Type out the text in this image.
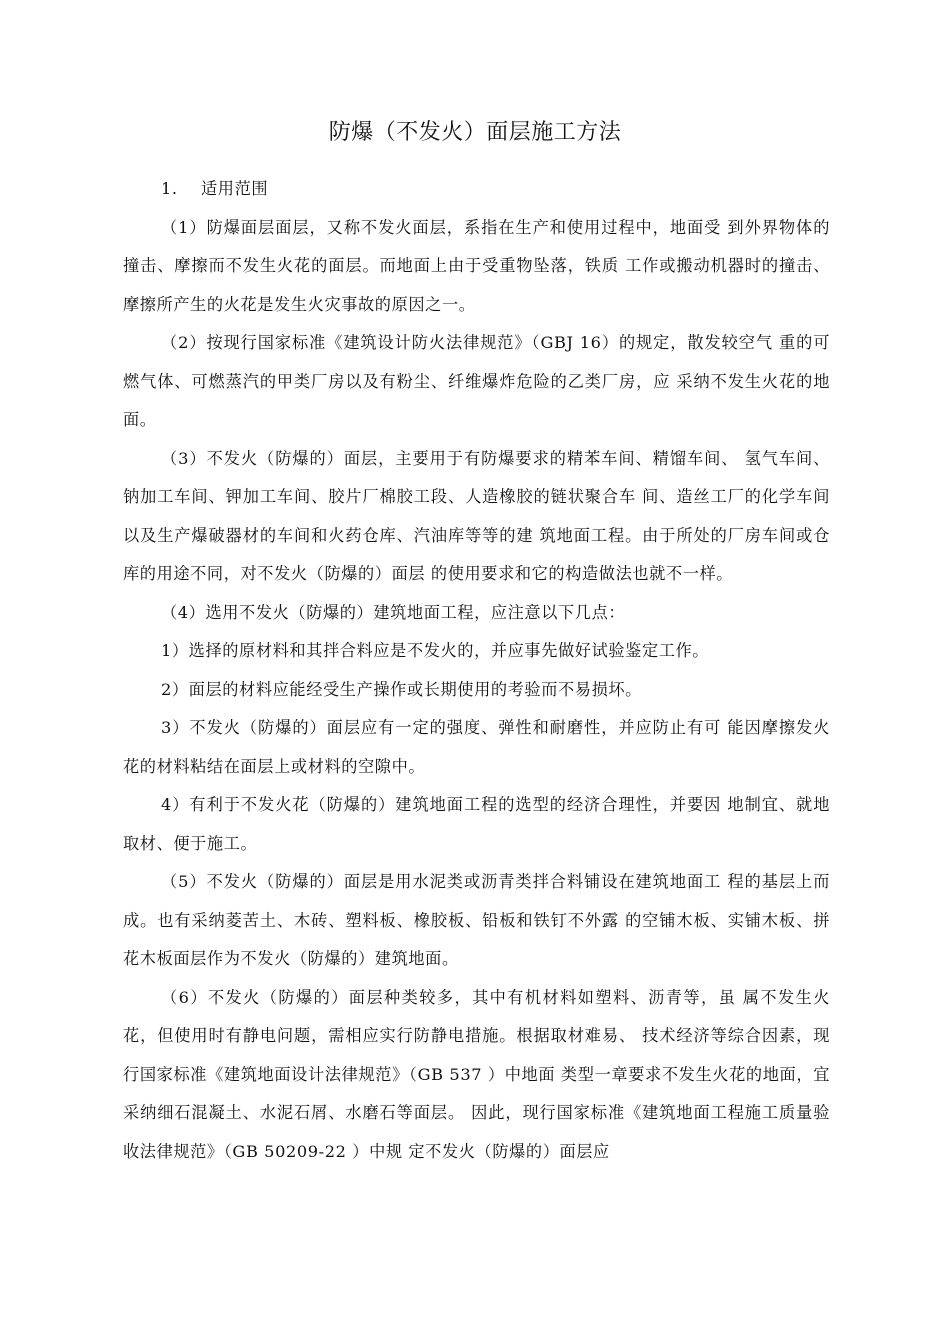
防爆（不发火）面层施工方法

1. 适用范围

（1）防爆面层面层，又称不发火面层，系指在生产和使用过程中，地面受 到外界物体的撞击、摩擦而不发生火花的面层。而地面上由于受重物坠落，铁质 工作或搬动机器时的撞击、摩擦所产生的火花是发生火灾事故的原因之一。

（2）按现行国家标准《建筑设计防火法律规范》（GBJ 16）的规定，散发较空气 重的可燃气体、可燃蒸汽的甲类厂房以及有粉尘、纤维爆炸危险的乙类厂房，应 采纳不发生火花的地面。

（3）不发火（防爆的）面层，主要用于有防爆要求的精苯车间、精馏车间、 氢气车间、钠加工车间、钾加工车间、胶片厂棉胶工段、人造橡胶的链状聚合车 间、造丝工厂的化学车间以及生产爆破器材的车间和火药仓库、汽油库等等的建 筑地面工程。由于所处的厂房车间或仓库的用途不同，对不发火（防爆的）面层 的使用要求和它的构造做法也就不一样。

（4）选用不发火（防爆的）建筑地面工程，应注意以下几点：

1）选择的原材料和其拌合料应是不发火的，并应事先做好试验鉴定工作。

2）面层的材料应能经受生产操作或长期使用的考验而不易损坏。

3）不发火（防爆的）面层应有一定的强度、弹性和耐磨性，并应防止有可 能因摩擦发火花的材料粘结在面层上或材料的空隙中。

4）有利于不发火花（防爆的）建筑地面工程的选型的经济合理性，并要因 地制宜、就地取材、便于施工。

（5）不发火（防爆的）面层是用水泥类或沥青类拌合料铺设在建筑地面工 程的基层上而成。也有采纳菱苦土、木砖、塑料板、橡胶板、铅板和铁钉不外露 的空铺木板、实铺木板、拼花木板面层作为不发火（防爆的）建筑地面。

（6）不发火（防爆的）面层种类较多，其中有机材料如塑料、沥青等，虽 属不发生火花，但使用时有静电问题，需相应实行防静电措施。根据取材难易、 技术经济等综合因素，现行国家标准《建筑地面设计法律规范》（GB 537 ）中地面 类型一章要求不发生火花的地面，宜采纳细石混凝土、水泥石屑、水磨石等面层。 因此，现行国家标准《建筑地面工程施工质量验收法律规范》（GB 50209-22 ）中规 定不发火（防爆的）面层应
